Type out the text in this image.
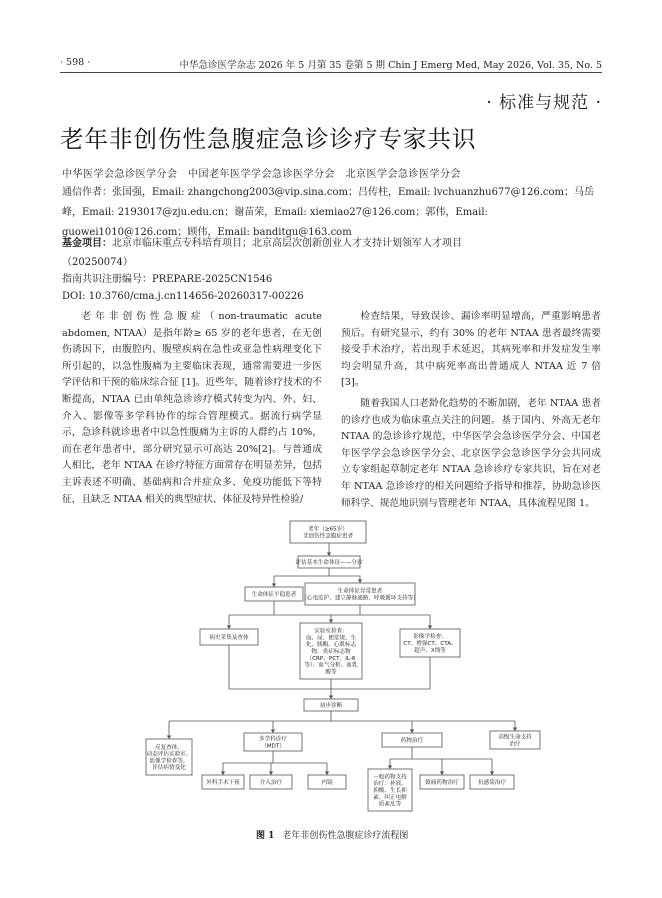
· 598 ·	中华急诊医学杂志 2026 年 5 月第 35 卷第 5 期 Chin J Emerg Med, May 2026, Vol. 35, No. 5
· 标准与规范 ·
老年非创伤性急腹症急诊诊疗专家共识
中华医学会急诊医学分会　中国老年医学学会急诊医学分会　北京医学会急诊医学分会
通信作者：张国强，Email: zhangchong2003@vip.sina.com；吕传柱，Email: lvchuanzhu677@126.com；马岳峰，Email: 2193017@zju.edu.cn；谢苗荣，Email: xiemiao27@126.com；郭伟，Email: guowei1010@126.com；顾伟，Email: banditgu@163.com
基金项目：北京市临床重点专科培育项目；北京高层次创新创业人才支持计划领军人才项目
（20250074）
指南共识注册编号：PREPARE-2025CN1546
DOI: 10.3760/cma.j.cn114656-20260317-00226

老年非创伤性急腹症（non-traumatic acute abdomen, NTAA）是指年龄≥ 65 岁的老年患者，在无创伤诱因下，由腹腔内、腹壁疾病在急性或亚急性病理变化下所引起的，以急性腹痛为主要临床表现，通常需要进一步医学评估和干预的临床综合征 [1]。近些年，随着诊疗技术的不断提高，NTAA 已由单纯急诊诊疗模式转变为内、外、妇、介入、影像等多学科协作的综合管理模式。据流行病学显示，急诊科就诊患者中以急性腹痛为主诉的人群约占 10%，而在老年患者中，部分研究显示可高达 20%[2]。与普通成人相比，老年 NTAA 在诊疗特征方面常存在明显差异，包括主诉表述不明确、基础病和合并症众多、免疫功能低下等特征，且缺乏 NTAA 相关的典型症状、体征及特异性检验/

检查结果，导致误诊、漏诊率明显增高，严重影响患者预后。有研究显示，约有 30% 的老年 NTAA 患者最终需要接受手术治疗，若出现手术延迟，其病死率和并发症发生率均会明显升高，其中病死率高出普通成人 NTAA 近 7 倍 [3]。

随着我国人口老龄化趋势的不断加剧，老年 NTAA 患者的诊疗也成为临床重点关注的问题。基于国内、外高无老年 NTAA 的急诊诊疗规范，中华医学会急诊医学分会、中国老年医学学会急诊医学分会、北京医学会急诊医学分会共同成立专家组起草制定老年 NTAA 急诊诊疗专家共识，旨在对老年 NTAA 急诊诊疗的相关问题给予指导和推荐，协助急诊医师科学、规范地识别与管理老年 NTAA，具体流程见图 1。

老年（≥65岁）
非创伤性急腹症患者
评估基本生命体征——分诊
生命体征平稳患者
生命体征异常患者
（心电监护、建立静脉通路、呼吸循环支持等）
病史采集及查体
实验室检查：
血、尿、便常规、生
化、胰酶、心肌标志
物、炎症标志物
（CRP、PCT、IL-6
等）、血气分析、血乳
酸等
影像学检查：
CT、增强CT、CTA、
超声、X线等
初步诊断
反复查体、
动态评估实验室、
影像学检查等，
评估病情变化
多学科诊疗
（MDT）
药物治疗
高级生命支持
治疗
外科手术干预	介入治疗	内镜
一般药物支持
治疗：补液、
抑酸、生长抑
素、纠正电解
质紊乱等
镇痛药物治疗	抗感染治疗
图 1 老年非创伤性急腹症诊疗流程图
